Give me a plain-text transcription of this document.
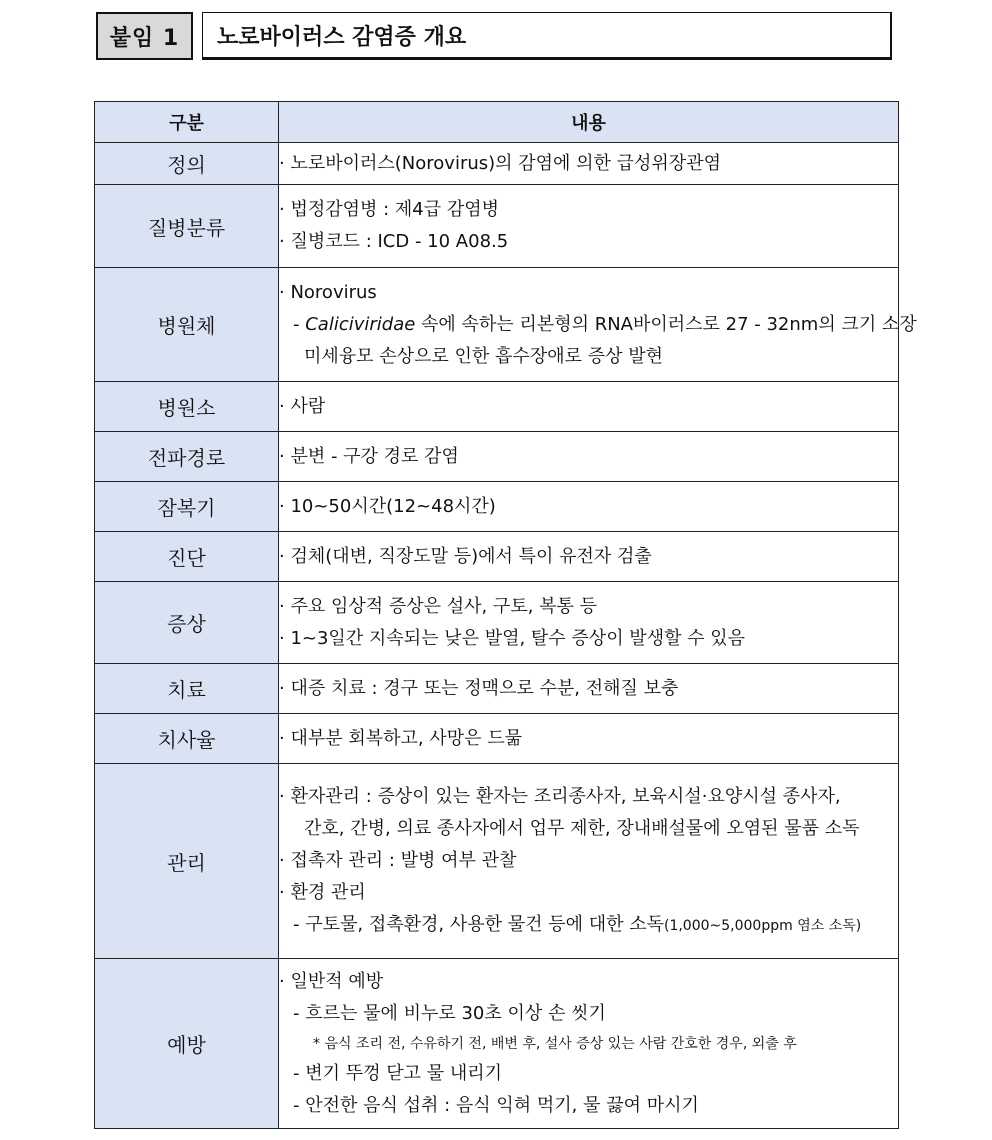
붙임 1 노로바이러스 감염증 개요
구분	내용
정의	· 노로바이러스(Norovirus)의 감염에 의한 급성위장관염

질병분류	· 법정감염병 : 제4급 감염병
· 질병코드 : ICD - 10 A08.5

병원체	· Norovirus
- Caliciviridae 속에 속하는 리본형의 RNA바이러스로 27 - 32nm의 크기 소장
미세융모 손상으로 인한 흡수장애로 증상 발현

병원소	· 사람

전파경로	· 분변 - 구강 경로 감염

잠복기	· 10~50시간(12~48시간)

진단	· 검체(대변, 직장도말 등)에서 특이 유전자 검출

증상	· 주요 임상적 증상은 설사, 구토, 복통 등
· 1~3일간 지속되는 낮은 발열, 탈수 증상이 발생할 수 있음

치료	· 대증 치료 : 경구 또는 정맥으로 수분, 전해질 보충

치사율	· 대부분 회복하고, 사망은 드묾

관리	· 환자관리 : 증상이 있는 환자는 조리종사자, 보육시설·요양시설 종사자,
간호, 간병, 의료 종사자에서 업무 제한, 장내배설물에 오염된 물품 소독
· 접촉자 관리 : 발병 여부 관찰
· 환경 관리
- 구토물, 접촉환경, 사용한 물건 등에 대한 소독(1,000~5,000ppm 염소 소독)

예방	· 일반적 예방
- 흐르는 물에 비누로 30초 이상 손 씻기
* 음식 조리 전, 수유하기 전, 배변 후, 설사 증상 있는 사람 간호한 경우, 외출 후
- 변기 뚜껑 닫고 물 내리기
- 안전한 음식 섭취 : 음식 익혀 먹기, 물 끓여 마시기
